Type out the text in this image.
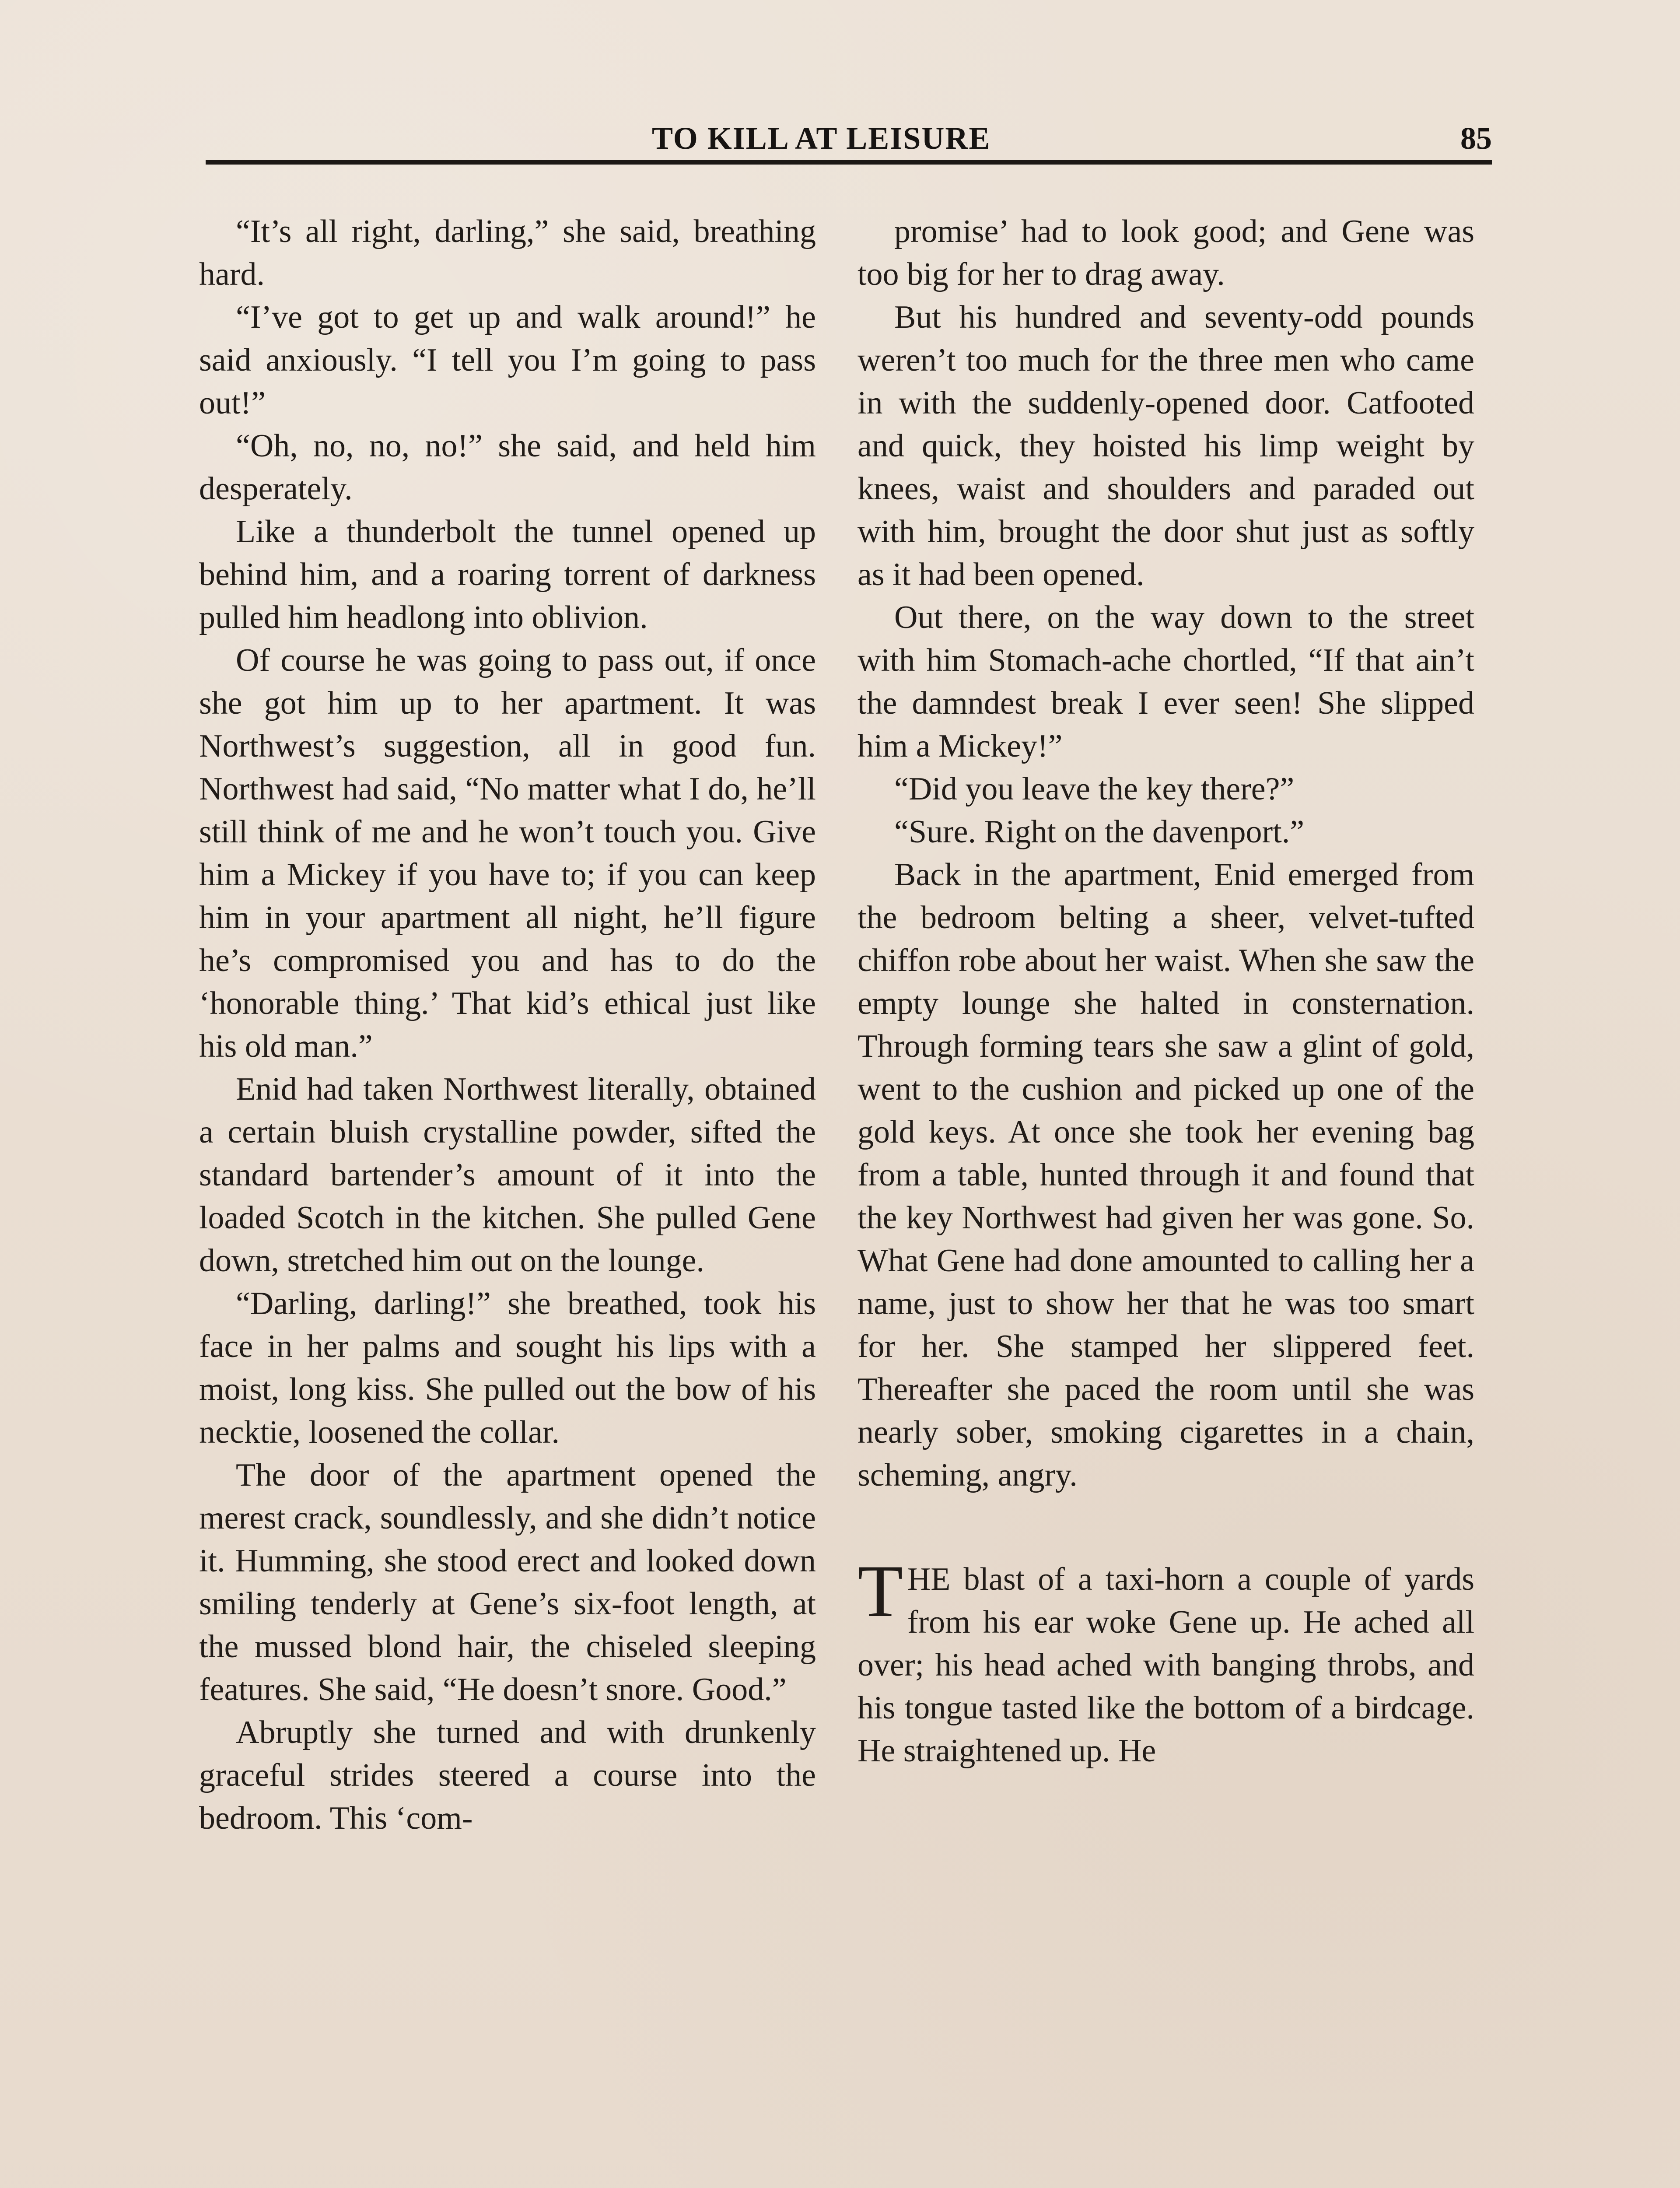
TO KILL AT LEISURE	85

“It’s all right, darling,” she said, breathing hard.

“I’ve got to get up and walk around!” he said anxiously. “I tell you I’m going to pass out!”

“Oh, no, no, no!” she said, and held him desperately.

Like a thunderbolt the tunnel opened up behind him, and a roaring torrent of darkness pulled him headlong into oblivion.

Of course he was going to pass out, if once she got him up to her apartment. It was Northwest’s suggestion, all in good fun. Northwest had said, “No matter what I do, he’ll still think of me and he won’t touch you. Give him a Mickey if you have to; if you can keep him in your apartment all night, he’ll figure he’s compromised you and has to do the ‘honorable thing.’ That kid’s ethical just like his old man.”

Enid had taken Northwest literally, obtained a certain bluish crystalline powder, sifted the standard bartender’s amount of it into the loaded Scotch in the kitchen. She pulled Gene down, stretched him out on the lounge.

“Darling, darling!” she breathed, took his face in her palms and sought his lips with a moist, long kiss. She pulled out the bow of his necktie, loosened the collar.

The door of the apartment opened the merest crack, soundlessly, and she didn’t notice it. Humming, she stood erect and looked down smiling tenderly at Gene’s six-foot length, at the mussed blond hair, the chiseled sleeping features. She said, “He doesn’t snore. Good.”

Abruptly she turned and with drunkenly graceful strides steered a course into the bedroom. This ‘com-

promise’ had to look good; and Gene was too big for her to drag away.

But his hundred and seventy-odd pounds weren’t too much for the three men who came in with the suddenly-opened door. Catfooted and quick, they hoisted his limp weight by knees, waist and shoulders and paraded out with him, brought the door shut just as softly as it had been opened.

Out there, on the way down to the street with him Stomach-ache chortled, “If that ain’t the damndest break I ever seen! She slipped him a Mickey!”

“Did you leave the key there?”

“Sure. Right on the davenport.”

Back in the apartment, Enid emerged from the bedroom belting a sheer, velvet-tufted chiffon robe about her waist. When she saw the empty lounge she halted in consternation. Through forming tears she saw a glint of gold, went to the cushion and picked up one of the gold keys. At once she took her evening bag from a table, hunted through it and found that the key Northwest had given her was gone. So. What Gene had done amounted to calling her a name, just to show her that he was too smart for her. She stamped her slippered feet. Thereafter she paced the room until she was nearly sober, smoking cigarettes in a chain, scheming, angry.

T HE blast of a taxi-horn a couple of yards from his ear woke Gene up. He ached all over; his head ached with banging throbs, and his tongue tasted like the bottom of a birdcage. He straightened up. He
